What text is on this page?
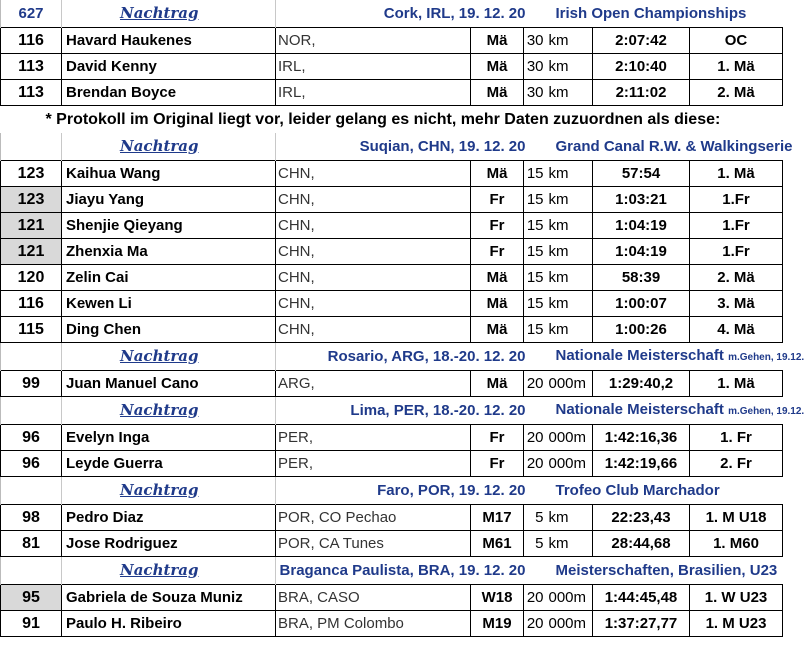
627	Nachtrag	Cork, IRL, 19. 12. 20			Irish Open Championships		
116	Havard Haukenes	NOR,	Mä	30	km	2:07:42	OC
113	David Kenny	IRL,	Mä	30	km	2:10:40	1. Mä
113	Brendan Boyce	IRL,	Mä	30	km	2:11:02	2. Mä
* Protokoll im Original liegt vor, leider gelang es nicht, mehr Daten zuzuordnen als diese:							
	Nachtrag	Suqian, CHN, 19. 12. 20			Grand Canal R.W. & Walkingserie		
123	Kaihua Wang	CHN,	Mä	15	km	57:54	1. Mä
123	Jiayu Yang	CHN,	Fr	15	km	1:03:21	1.Fr
121	Shenjie Qieyang	CHN,	Fr	15	km	1:04:19	1.Fr
121	Zhenxia Ma	CHN,	Fr	15	km	1:04:19	1.Fr
120	Zelin Cai	CHN,	Mä	15	km	58:39	2. Mä
116	Kewen Li	CHN,	Mä	15	km	1:00:07	3. Mä
115	Ding Chen	CHN,	Mä	15	km	1:00:26	4. Mä
	Nachtrag	Rosario, ARG, 18.-20. 12. 20			Nationale Meisterschaft m.Gehen, 19.12.		
99	Juan Manuel Cano	ARG,	Mä	20	000m	1:29:40,2	1. Mä
	Nachtrag	Lima, PER, 18.-20. 12. 20			Nationale Meisterschaft m.Gehen, 19.12.		
96	Evelyn Inga	PER,	Fr	20	000m	1:42:16,36	1. Fr
96	Leyde Guerra	PER,	Fr	20	000m	1:42:19,66	2. Fr
	Nachtrag	Faro, POR, 19. 12. 20			Trofeo Club Marchador		
98	Pedro Diaz	POR, CO Pechao	M17	5	km	22:23,43	1. M U18
81	Jose Rodriguez	POR, CA Tunes	M61	5	km	28:44,68	1. M60
	Nachtrag	Braganca Paulista, BRA, 19. 12. 20			Meisterschaften, Brasilien, U23		
95	Gabriela de Souza Muniz	BRA, CASO	W18	20	000m	1:44:45,48	1. W U23
91	Paulo H. Ribeiro	BRA, PM Colombo	M19	20	000m	1:37:27,77	1. M U23
